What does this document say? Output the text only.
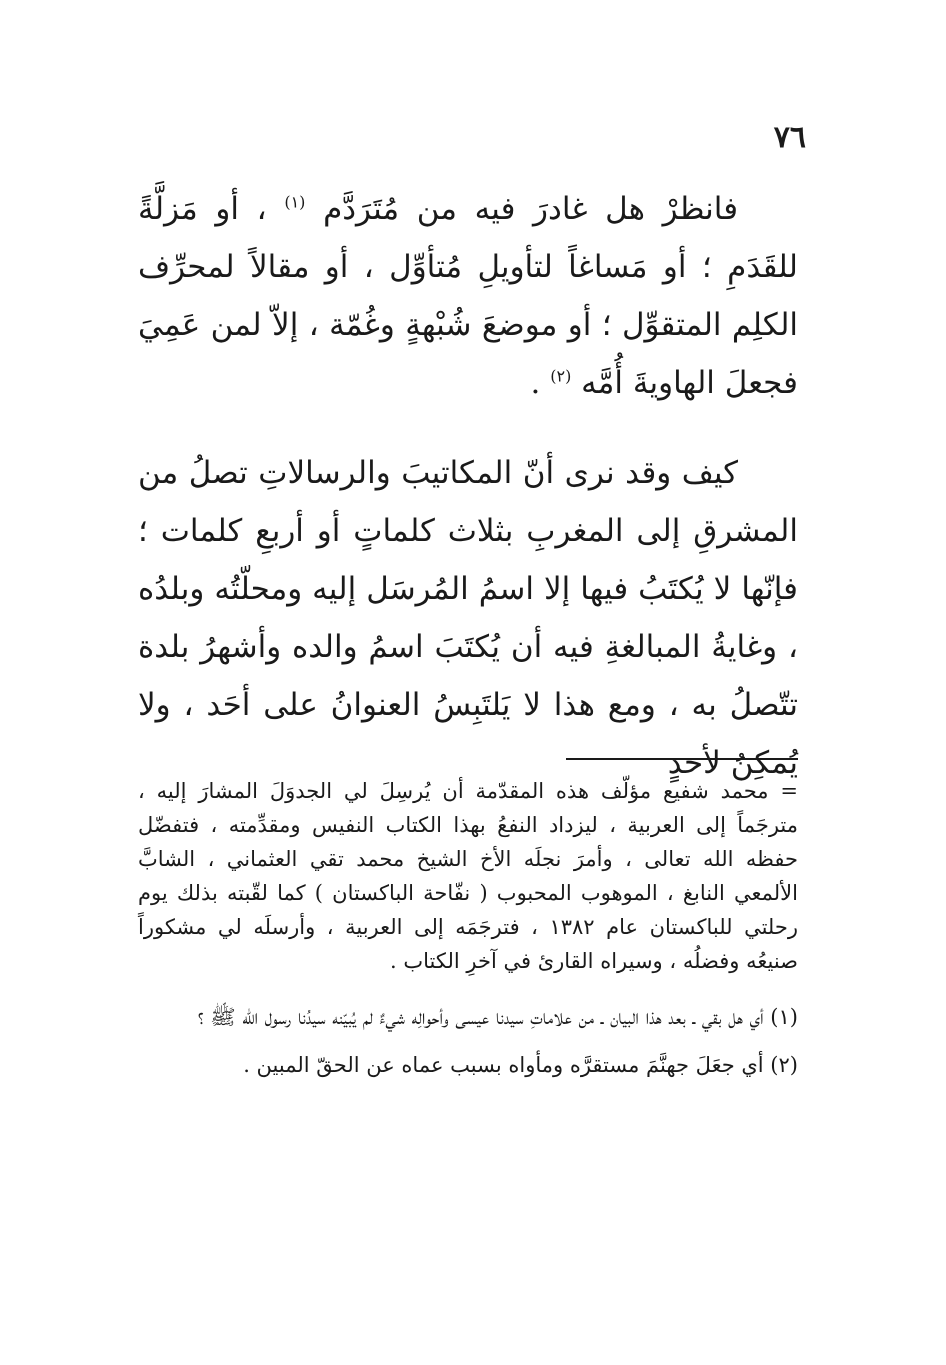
٧٦

فانظرْ هل غادرَ فيه من مُتَرَدَّم $^{(١)}$ ، أو مَزلَّةً للقَدَمِ ؛ أو مَساغاً لتأويلِ مُتأوِّل ، أو مقالاً لمحرِّف الكلِم المتقوِّل ؛ أو موضعَ شُبْهةٍ وغُمّة ، إلاّ لمن عَمِيَ فجعلَ الهاويةَ أُمَّه $^{(٢)}$ .

كيف وقد نرى أنّ المكاتيبَ والرسالاتِ تصلُ من المشرقِ إلى المغربِ بثلاث كلماتٍ أو أربعِ كلمات ؛ فإنّها لا يُكتَبُ فيها إلا اسمُ المُرسَل إليه ومحلّتُه وبلدُه ، وغايةُ المبالغةِ فيه أن يُكتَبَ اسمُ والده وأشهرُ بلدة تتّصلُ به ، ومع هذا لا يَلتَبِسُ العنوانُ على أحَد ، ولا يُمكِنُ لأحدٍ

= محمد شفيع مؤلّف هذه المقدّمة أن يُرسِلَ لي الجدوَلَ المشارَ إليه ، مترجَماً إلى العربية ، ليزداد النفعُ بهذا الكتاب النفيس ومقدِّمته ، فتفضّل حفظه الله تعالى ، وأمرَ نجلَه الأخ الشيخ محمد تقي العثماني ، الشابَّ الألمعي النابغ ، الموهوب المحبوب ( نفّاحة الباكستان ) كما لقّبته بذلك يوم رحلتي للباكستان عام ١٣٨٢ ، فترجَمَه إلى العربية ، وأرسلَه لي مشكوراً صنيعُه وفضلُه ، وسيراه القارئ في آخرِ الكتاب .

(١) أي هل بقي ـ بعد هذا البيان ـ من علاماتِ سيدنا عيسى وأحوالِه شيءٌ لم يُبيّنه سيدُنا رسول الله ﷺ ؟

(٢) أي جعَلَ جهنَّمَ مستقرَّه ومأواه بسبب عماه عن الحقّ المبين .
